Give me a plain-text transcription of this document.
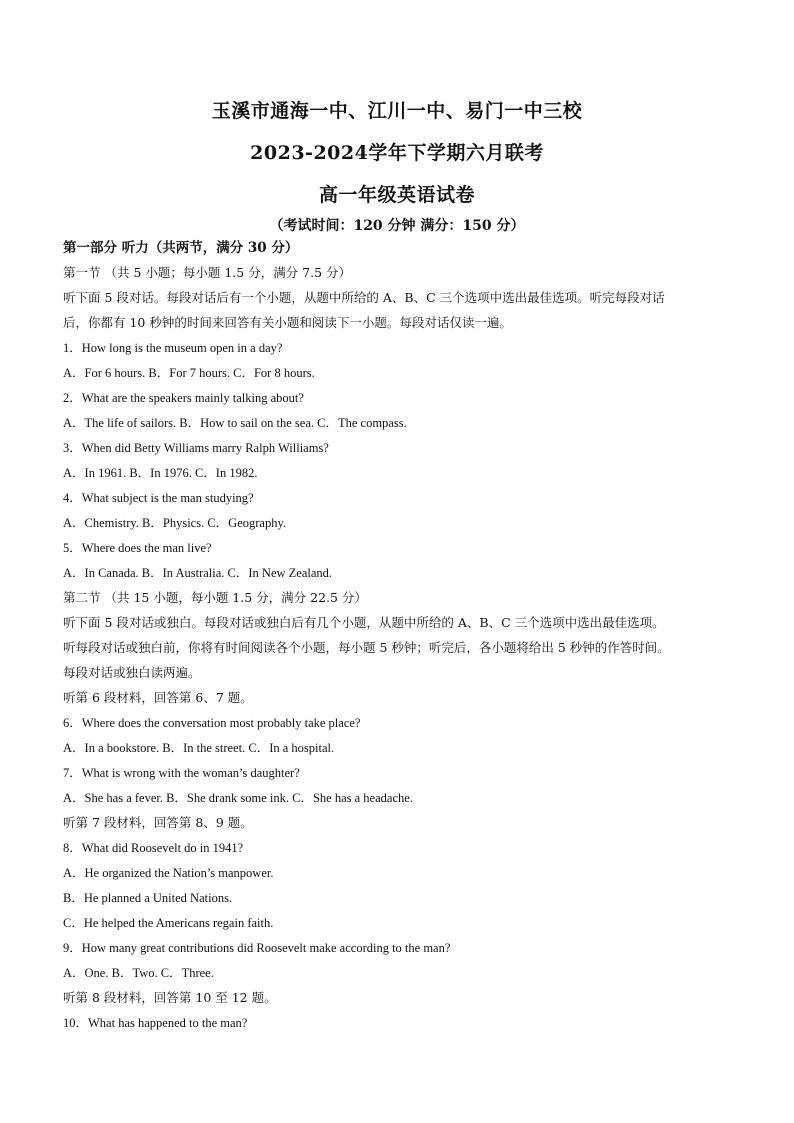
玉溪市通海一中、江川一中、易门一中三校
2023-2024学年下学期六月联考
高一年级英语试卷
（考试时间：120 分钟 满分：150 分）
第一部分 听力（共两节，满分 30 分）
第一节 （共 5 小题；每小题 1.5 分，满分 7.5 分）
听下面 5 段对话。每段对话后有一个小题，从题中所给的 A、B、C 三个选项中选出最佳选项。听完每段对话
后，你都有 10 秒钟的时间来回答有关小题和阅读下一小题。每段对话仅读一遍。
1．How long is the museum open in a day?
A．For 6 hours. B．For 7 hours. C．For 8 hours.
2．What are the speakers mainly talking about?
A．The life of sailors. B．How to sail on the sea. C．The compass.
3．When did Betty Williams marry Ralph Williams?
A．In 1961. B．In 1976. C．In 1982.
4．What subject is the man studying?
A．Chemistry. B．Physics. C．Geography.
5．Where does the man live?
A．In Canada. B．In Australia. C．In New Zealand.
第二节 （共 15 小题，每小题 1.5 分，满分 22.5 分）
听下面 5 段对话或独白。每段对话或独白后有几个小题，从题中所给的 A、B、C 三个选项中选出最佳选项。
听每段对话或独白前，你将有时间阅读各个小题，每小题 5 秒钟；听完后，各小题将给出 5 秒钟的作答时间。
每段对话或独白读两遍。
听第 6 段材料，回答第 6、7 题。
6．Where does the conversation most probably take place?
A．In a bookstore. B．In the street. C．In a hospital.
7．What is wrong with the woman’s daughter?
A．She has a fever. B．She drank some ink. C．She has a headache.
听第 7 段材料，回答第 8、9 题。
8．What did Roosevelt do in 1941?
A．He organized the Nation’s manpower.
B．He planned a United Nations.
C．He helped the Americans regain faith.
9．How many great contributions did Roosevelt make according to the man?
A．One. B．Two. C．Three.
听第 8 段材料，回答第 10 至 12 题。
10．What has happened to the man?
